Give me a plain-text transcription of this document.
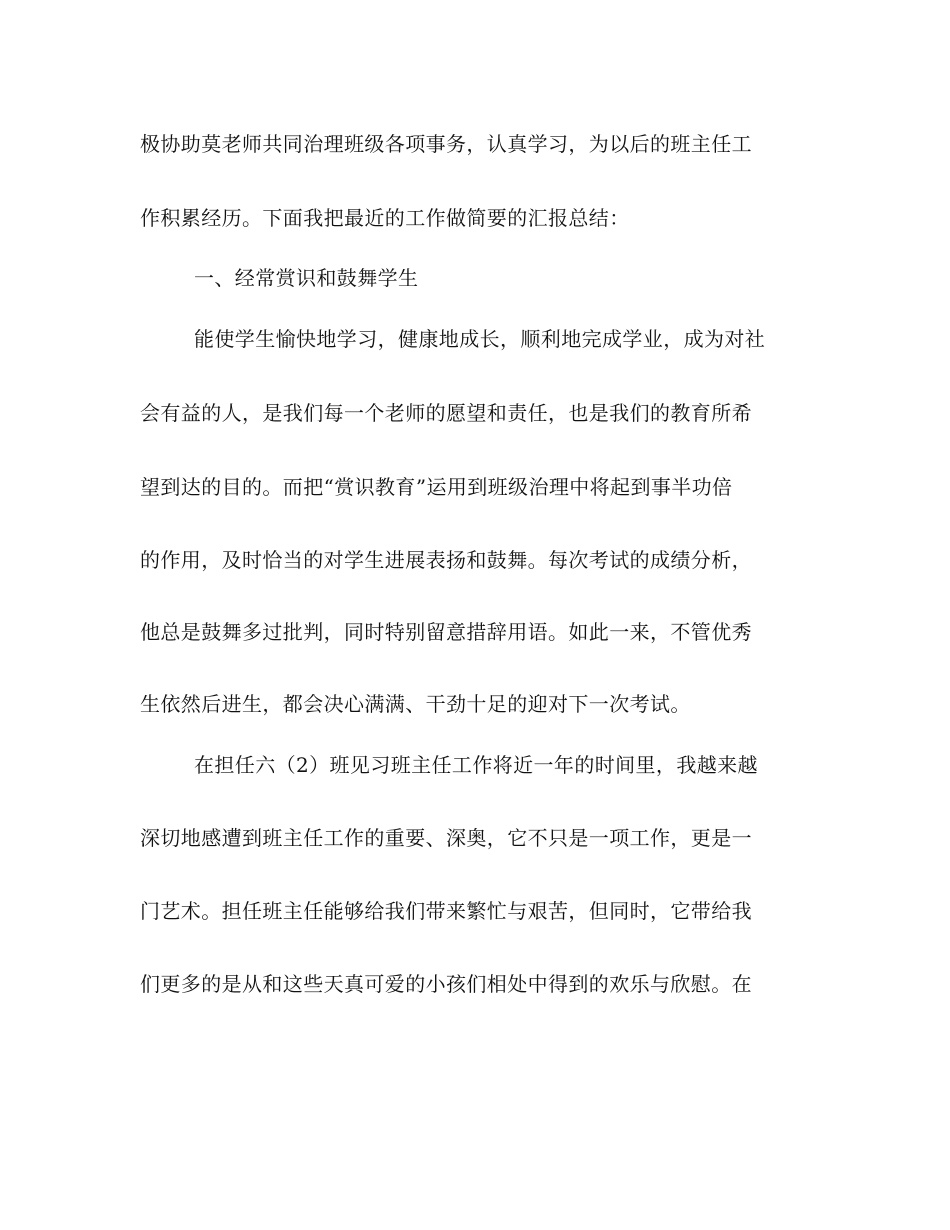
极协助莫老师共同治理班级各项事务，认真学习，为以后的班主任工

作积累经历。下面我把最近的工作做简要的汇报总结：

一、经常赏识和鼓舞学生

能使学生愉快地学习，健康地成长，顺利地完成学业，成为对社

会有益的人，是我们每一个老师的愿望和责任，也是我们的教育所希

望到达的目的。而把“赏识教育”运用到班级治理中将起到事半功倍

的作用，及时恰当的对学生进展表扬和鼓舞。每次考试的成绩分析，

他总是鼓舞多过批判，同时特别留意措辞用语。如此一来，不管优秀

生依然后进生，都会决心满满、干劲十足的迎对下一次考试。

在担任六（2）班见习班主任工作将近一年的时间里，我越来越

深切地感遭到班主任工作的重要、深奥，它不只是一项工作，更是一

门艺术。担任班主任能够给我们带来繁忙与艰苦，但同时，它带给我

们更多的是从和这些天真可爱的小孩们相处中得到的欢乐与欣慰。在
